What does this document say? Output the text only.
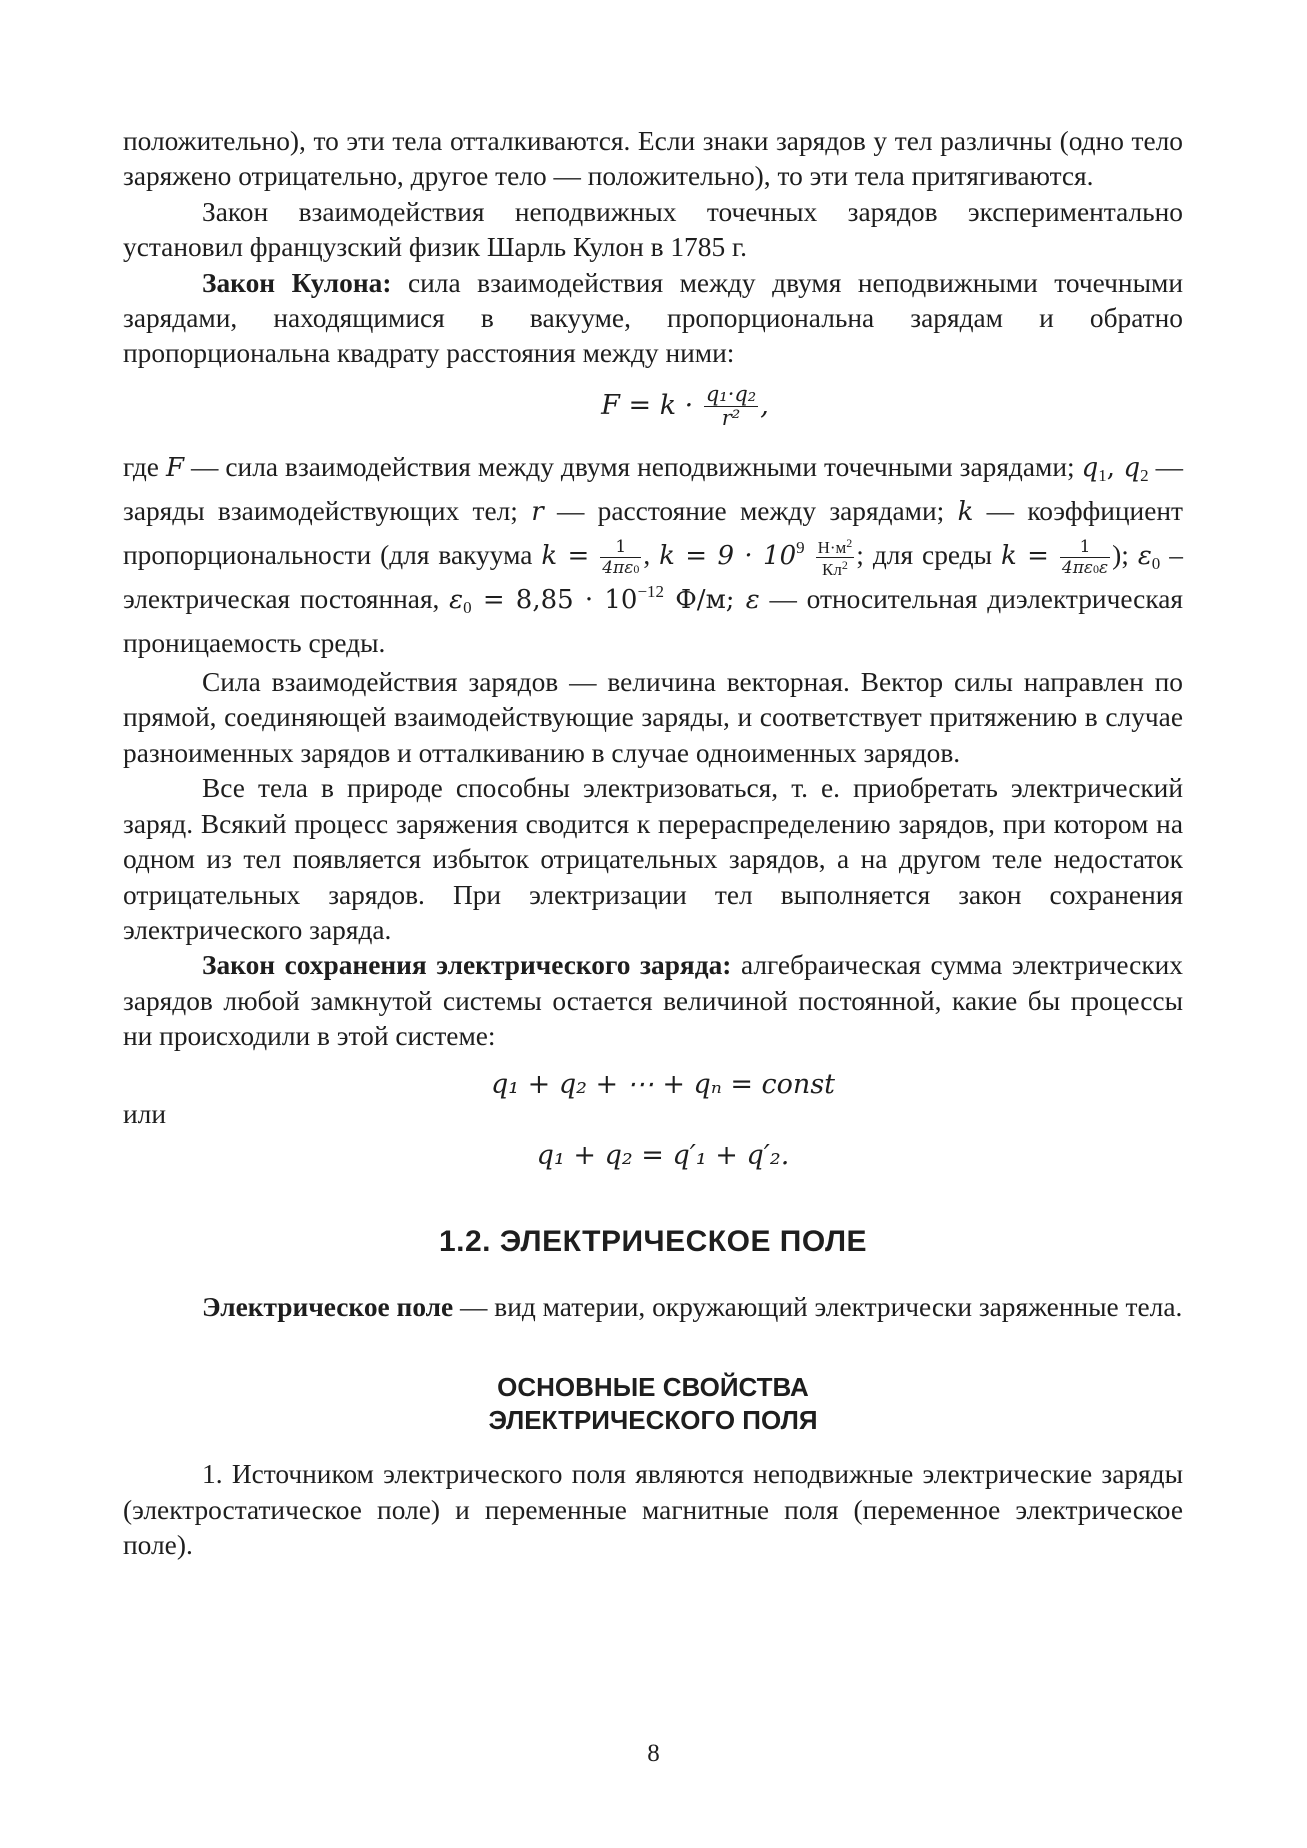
положительно), то эти тела отталкиваются. Если знаки зарядов у тел различны (одно тело заряжено отрицательно, другое тело — положительно), то эти тела притягиваются.

Закон взаимодействия неподвижных точечных зарядов экспериментально установил французский физик Шарль Кулон в 1785 г.

Закон Кулона: сила взаимодействия между двумя неподвижными точечными зарядами, находящимися в вакууме, пропорциональна зарядам и обратно пропорциональна квадрату расстояния между ними:

$F = k \cdot \frac{\text{q₁·q₂}}{\text{r²}}$ ,

где F — сила взаимодействия между двумя неподвижными точечными зарядами; q1, q2 — заряды взаимодействующих тел; r — расстояние между зарядами; k — коэффициент пропорциональности (для вакуума $k = \frac{1}{4\pi\varepsilon 0}$ , $k = 9 \cdot 10^9 \frac{Н\cdot м^2}{Кл^2}$ ; для среды $k = \frac{1}{4\pi\varepsilon 0\varepsilon}$ ); ε0 – электрическая постоянная, $\varepsilon 0 = 8,85 \cdot 10^{-12}$ Ф/м; ε — относительная диэлектрическая проницаемость среды.

Сила взаимодействия зарядов — величина векторная. Вектор силы направлен по прямой, соединяющей взаимодействующие заряды, и соответствует притяжению в случае разноименных зарядов и отталкиванию в случае одноименных зарядов.

Все тела в природе способны электризоваться, т. е. приобретать электрический заряд. Всякий процесс заряжения сводится к перераспределению зарядов, при котором на одном из тел появляется избыток отрицательных зарядов, а на другом теле недостаток отрицательных зарядов. При электризации тел выполняется закон сохранения электрического заряда.

Закон сохранения электрического заряда: алгебраическая сумма электрических зарядов любой замкнутой системы остается величиной постоянной, какие бы процессы ни происходили в этой системе:

q₁ + q₂ + ⋯ + qₙ = const

или

q₁ + q₂ = q′₁ + q′₂.
1.2. ЭЛЕКТРИЧЕСКОЕ ПОЛЕ

Электрическое поле — вид материи, окружающий электрически заряженные тела.

ОСНОВНЫЕ СВОЙСТВА
ЭЛЕКТРИЧЕСКОГО ПОЛЯ

1. Источником электрического поля являются неподвижные электрические заряды (электростатическое поле) и переменные магнитные поля (переменное электрическое поле).

8
